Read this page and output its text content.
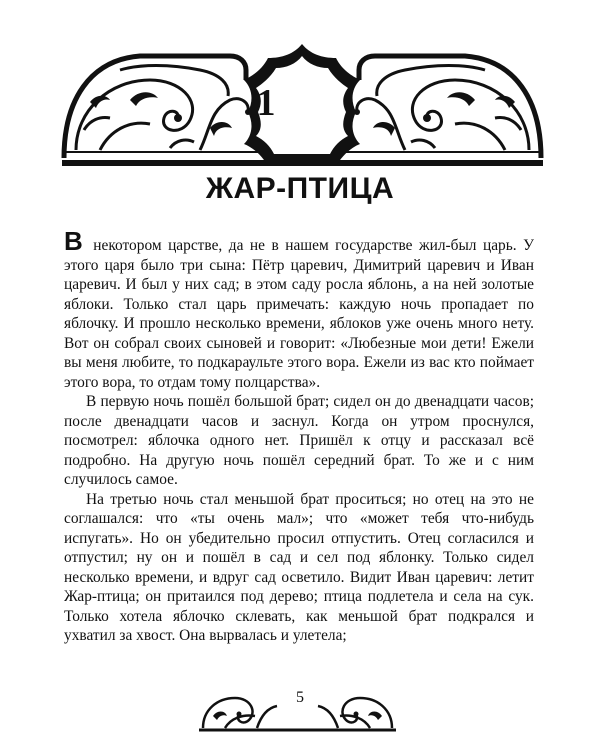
1
ЖАР-ПТИЦА

В некотором царстве, да не в нашем государстве жил-был царь. У этого царя было три сына: Пётр царевич, Димитрий царевич и Иван царевич. И был у них сад; в этом саду росла яблонь, а на ней золотые яблоки. Только стал царь примечать: каждую ночь пропадает по яблочку. И прошло несколько времени, яблоков уже очень много нету. Вот он собрал своих сыновей и говорит: «Любезные мои дети! Ежели вы меня любите, то подкараульте этого вора. Ежели из вас кто поймает этого вора, то отдам тому полцарства».

В первую ночь пошёл большой брат; сидел он до двенадцати часов; после двенадцати часов и заснул. Когда он утром проснулся, посмотрел: яблочка одного нет. Пришёл к отцу и рассказал всё подробно. На другую ночь пошёл середний брат. То же и с ним случилось самое.

На третью ночь стал меньшой брат проситься; но отец на это не соглашался: что «ты очень мал»; что «может тебя что-нибудь испугать». Но он убедительно просил отпустить. Отец согласился и отпустил; ну он и пошёл в сад и сел под яблонку. Только сидел несколько времени, и вдруг сад осветило. Видит Иван царевич: летит Жар-птица; он притаился под дерево; птица подлетела и села на сук. Только хотела яблочко склевать, как меньшой брат подкрался и ухватил за хвост. Она вырвалась и улетела;

5
